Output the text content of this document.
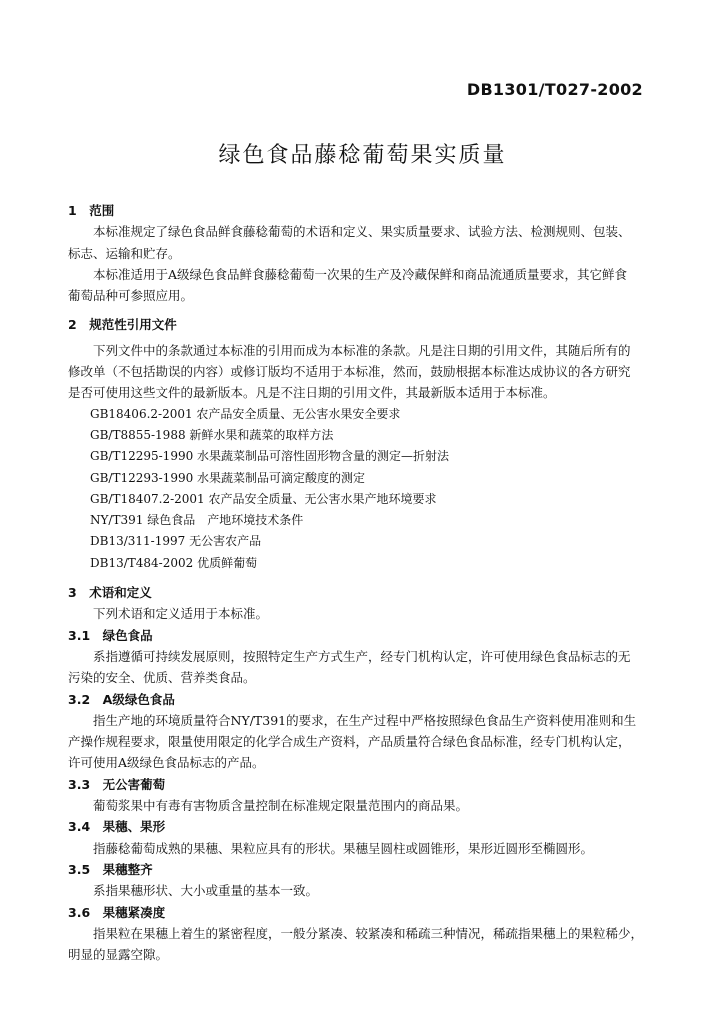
DB1301/T027-2002
绿色食品藤稔葡萄果实质量
1　范围
本标准规定了绿色食品鲜食藤稔葡萄的术语和定义、果实质量要求、试验方法、检测规则、包装、
标志、运输和贮存。
本标准适用于A级绿色食品鲜食藤稔葡萄一次果的生产及冷藏保鲜和商品流通质量要求，其它鲜食
葡萄品种可参照应用。
2　规范性引用文件
下列文件中的条款通过本标准的引用而成为本标准的条款。凡是注日期的引用文件，其随后所有的
修改单（不包括勘误的内容）或修订版均不适用于本标准，然而，鼓励根据本标准达成协议的各方研究
是否可使用这些文件的最新版本。凡是不注日期的引用文件，其最新版本适用于本标准。
GB18406.2-2001 农产品安全质量、无公害水果安全要求
GB/T8855-1988 新鲜水果和蔬菜的取样方法
GB/T12295-1990 水果蔬菜制品可溶性固形物含量的测定—折射法
GB/T12293-1990 水果蔬菜制品可滴定酸度的测定
GB/T18407.2-2001 农产品安全质量、无公害水果产地环境要求
NY/T391 绿色食品　产地环境技术条件
DB13/311-1997 无公害农产品
DB13/T484-2002 优质鲜葡萄
3　术语和定义
下列术语和定义适用于本标准。
3.1　绿色食品
系指遵循可持续发展原则，按照特定生产方式生产，经专门机构认定，许可使用绿色食品标志的无
污染的安全、优质、营养类食品。
3.2　A级绿色食品
指生产地的环境质量符合NY/T391的要求，在生产过程中严格按照绿色食品生产资料使用准则和生
产操作规程要求，限量使用限定的化学合成生产资料，产品质量符合绿色食品标准，经专门机构认定，
许可使用A级绿色食品标志的产品。
3.3　无公害葡萄
葡萄浆果中有毒有害物质含量控制在标准规定限量范围内的商品果。
3.4　果穗、果形
指藤稔葡萄成熟的果穗、果粒应具有的形状。果穗呈圆柱或圆锥形，果形近圆形至椭圆形。
3.5　果穗整齐
系指果穗形状、大小或重量的基本一致。
3.6　果穗紧凑度
指果粒在果穗上着生的紧密程度，一般分紧凑、较紧凑和稀疏三种情况，稀疏指果穗上的果粒稀少，
明显的显露空隙。
